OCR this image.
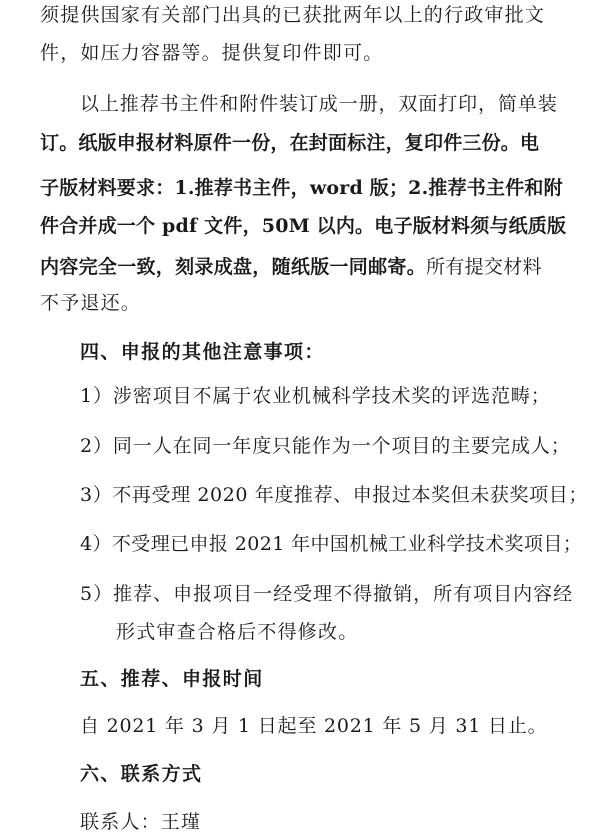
须提供国家有关部门出具的已获批两年以上的行政审批文
件，如压力容器等。提供复印件即可。
以上推荐书主件和附件装订成一册，双面打印，简单装
订。纸版申报材料原件一份，在封面标注，复印件三份。电
子版材料要求：1.推荐书主件，word 版；2.推荐书主件和附
件合并成一个 pdf 文件，50M 以内。电子版材料须与纸质版
内容完全一致，刻录成盘，随纸版一同邮寄。所有提交材料
不予退还。
四、申报的其他注意事项：
1）涉密项目不属于农业机械科学技术奖的评选范畴；
2）同一人在同一年度只能作为一个项目的主要完成人；
3）不再受理 2020 年度推荐、申报过本奖但未获奖项目；
4）不受理已申报 2021 年中国机械工业科学技术奖项目；
5）推荐、申报项目一经受理不得撤销，所有项目内容经
形式审查合格后不得修改。
五、推荐、申报时间
自 2021 年 3 月 1 日起至 2021 年 5 月 31 日止。
六、联系方式
联系人：王瑾
